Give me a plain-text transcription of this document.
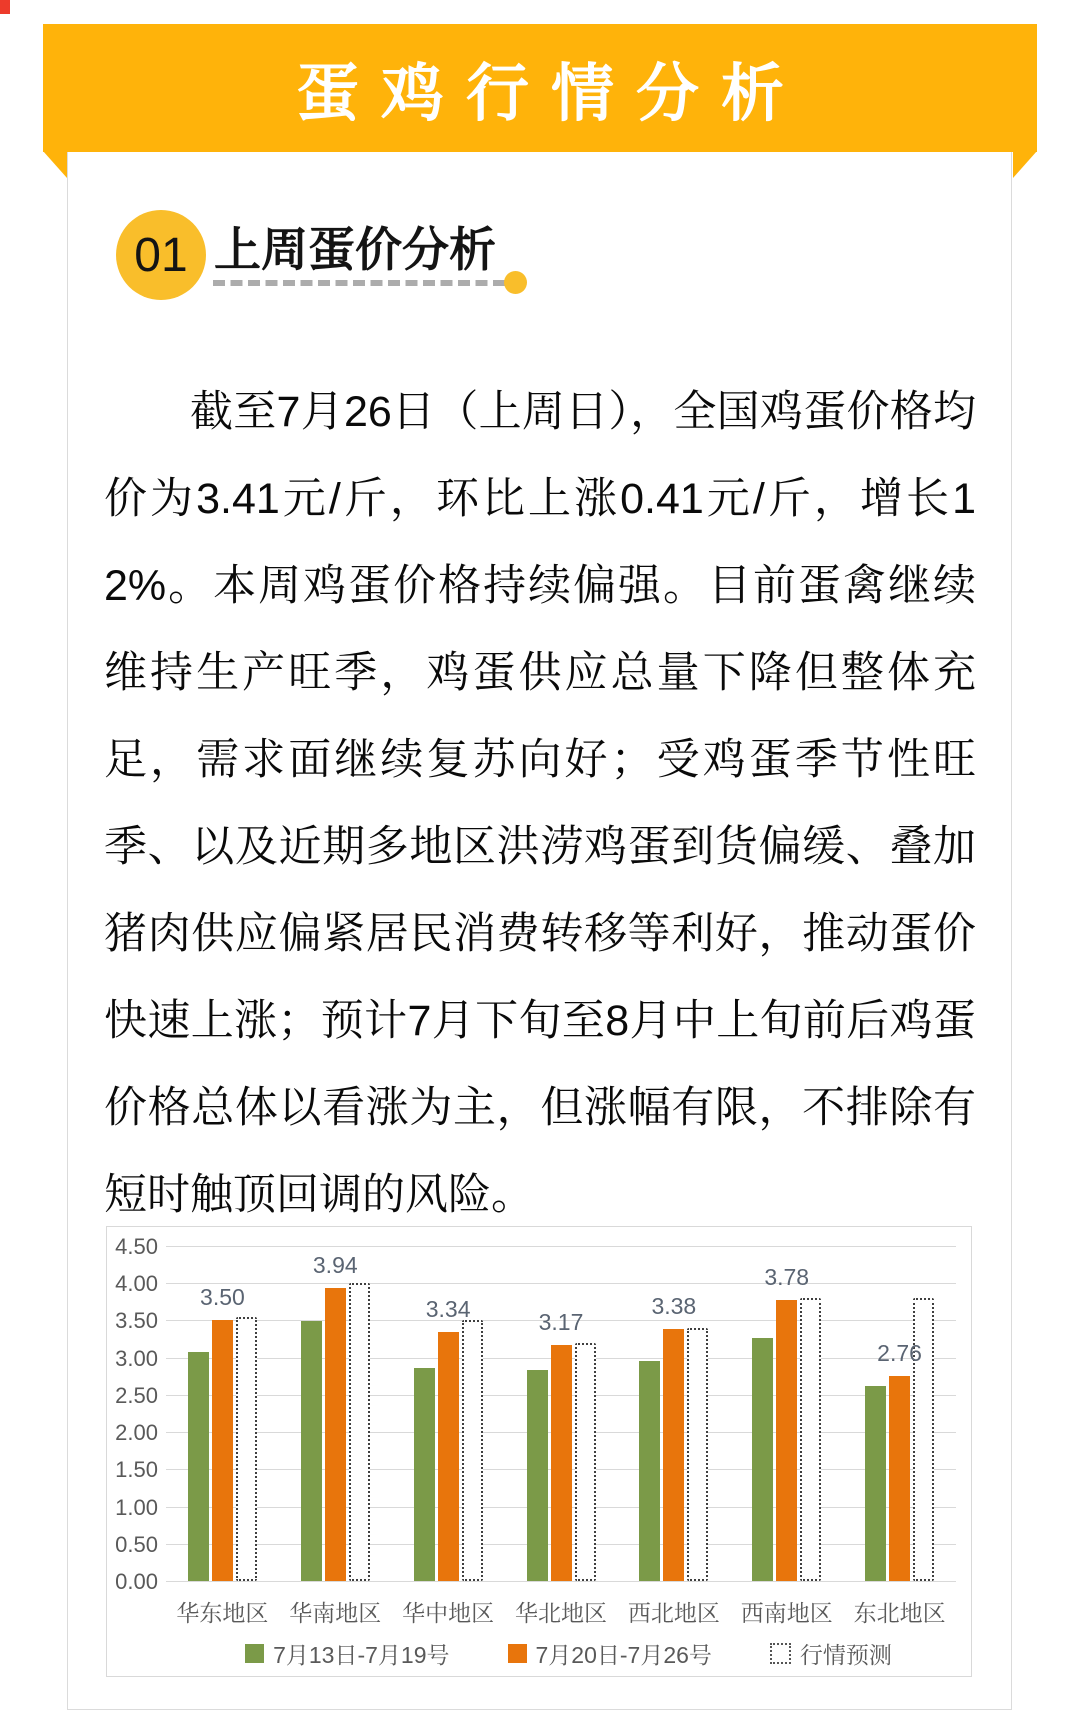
蛋鸡行情分析
01 上周蛋价分析

截至7月26日（上周日），全国鸡蛋价格均价为3.41元/斤，环比上涨0.41元/斤，增长12%。本周鸡蛋价格持续偏强。目前蛋禽继续维持生产旺季，鸡蛋供应总量下降但整体充足，需求面继续复苏向好；受鸡蛋季节性旺季、以及近期多地区洪涝鸡蛋到货偏缓、叠加猪肉供应偏紧居民消费转移等利好，推动蛋价快速上涨；预计7月下旬至8月中上旬前后鸡蛋价格总体以看涨为主，但涨幅有限，不排除有短时触顶回调的风险。

7月13日-7月19号	7月20日-7月26号	行情预测
4.50
4.00
3.50
3.00
2.50
2.00
1.50
1.00
0.50
0.00
华东地区
3.50
华南地区
3.94
华中地区
3.34
华北地区
3.17
西北地区
3.38
西南地区
3.78
东北地区
2.76
